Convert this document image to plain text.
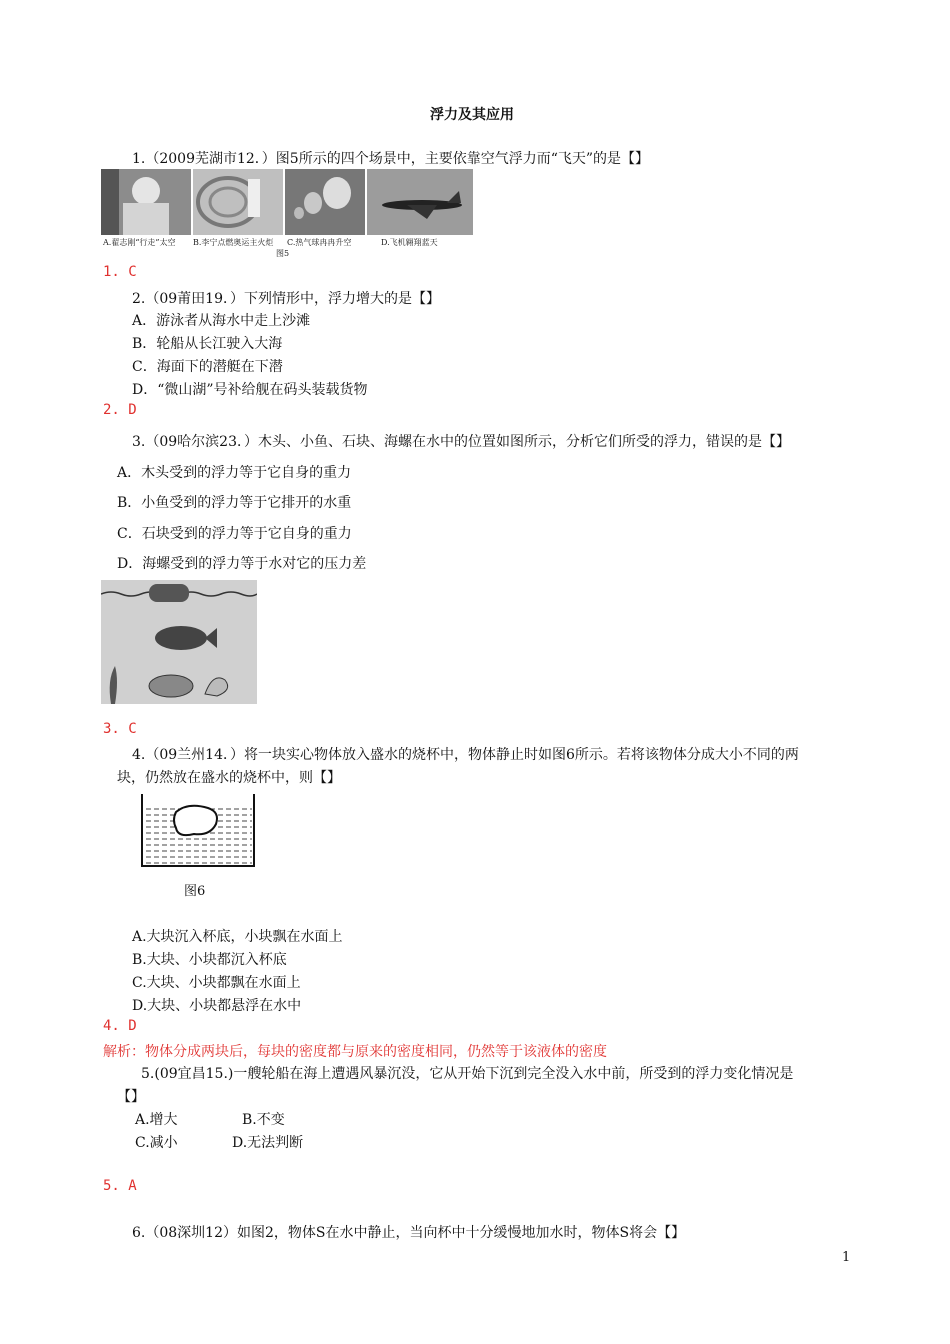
浮力及其应用
1.（2009芜湖市12．）图5所示的四个场景中，主要依靠空气浮力而“飞天”的是【】
A.翟志刚“行走”太空 B.李宁点燃奥运主火炬 C.热气球冉冉升空	D.飞机翱翔蓝天
图5
1. C
2.（09莆田19．）下列情形中，浮力增大的是【】
A．游泳者从海水中走上沙滩
B．轮船从长江驶入大海
C．海面下的潜艇在下潜
D．“微山湖”号补给舰在码头装载货物
2. D
3.（09哈尔滨23．）木头、小鱼、石块、海螺在水中的位置如图所示，分析它们所受的浮力，错误的是【】
A．木头受到的浮力等于它自身的重力
B．小鱼受到的浮力等于它排开的水重
C．石块受到的浮力等于它自身的重力
D．海螺受到的浮力等于水对它的压力差
3. C
4.（09兰州14．）将一块实心物体放入盛水的烧杯中，物体静止时如图6所示。若将该物体分成大小不同的两
块，仍然放在盛水的烧杯中，则【】
图6
A.大块沉入杯底，小块飘在水面上
B.大块、小块都沉入杯底
C.大块、小块都飘在水面上
D.大块、小块都悬浮在水中
4. D
解析：物体分成两块后，每块的密度都与原来的密度相同，仍然等于该液体的密度
5.(09宜昌15.)一艘轮船在海上遭遇风暴沉没，它从开始下沉到完全没入水中前，所受到的浮力变化情况是
【】
A.增大	B.不变
C.减小	D.无法判断
5. A
6.（08深圳12）如图2，物体S在水中静止，当向杯中十分缓慢地加水时，物体S将会【】
1
